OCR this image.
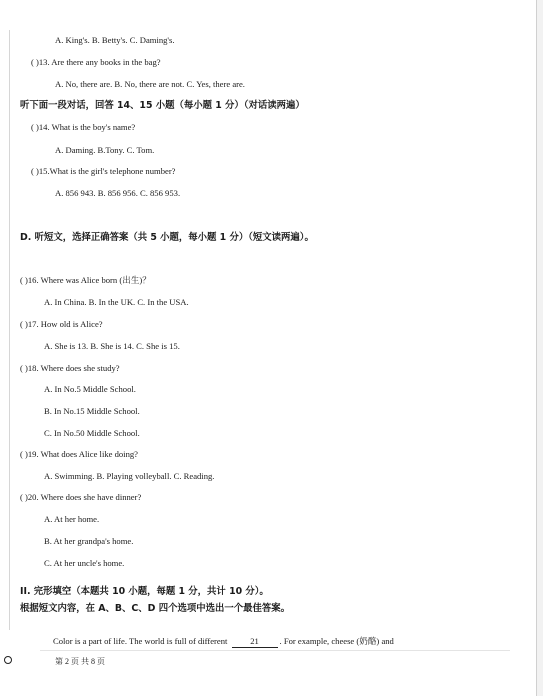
A. King's. B. Betty's. C. Daming's.
( )13. Are there any books in the bag?
A. No, there are. B. No, there are not. C. Yes, there are.
听下面一段对话，回答 14、15 小题（每小题 1 分）（对话读两遍）
( )14. What is the boy's name?
A. Daming. B.Tony. C. Tom.
( )15.What is the girl's telephone number?
A. 856 943. B. 856 956. C. 856 953.
D. 听短文，选择正确答案（共 5 小题，每小题 1 分）（短文读两遍）。
( )16. Where was Alice born (出生)？
A. In China. B. In the UK. C. In the USA.
( )17. How old is Alice?
A. She is 13. B. She is 14. C. She is 15.
( )18. Where does she study?
A. In No.5 Middle School.
B. In No.15 Middle School.
C. In No.50 Middle School.
( )19. What does Alice like doing?
A. Swimming. B. Playing volleyball. C. Reading.
( )20. Where does she have dinner?
A. At her home.
B. At her grandpa's home.
C. At her uncle's home.
II. 完形填空（本题共 10 小题，每题 1 分，共计 10 分）。
根据短文内容，在 A、B、C、D 四个选项中选出一个最佳答案。
Color is a part of life. The world is full of different	21 . For example, cheese (奶酪) and
第 2 页 共 8 页
